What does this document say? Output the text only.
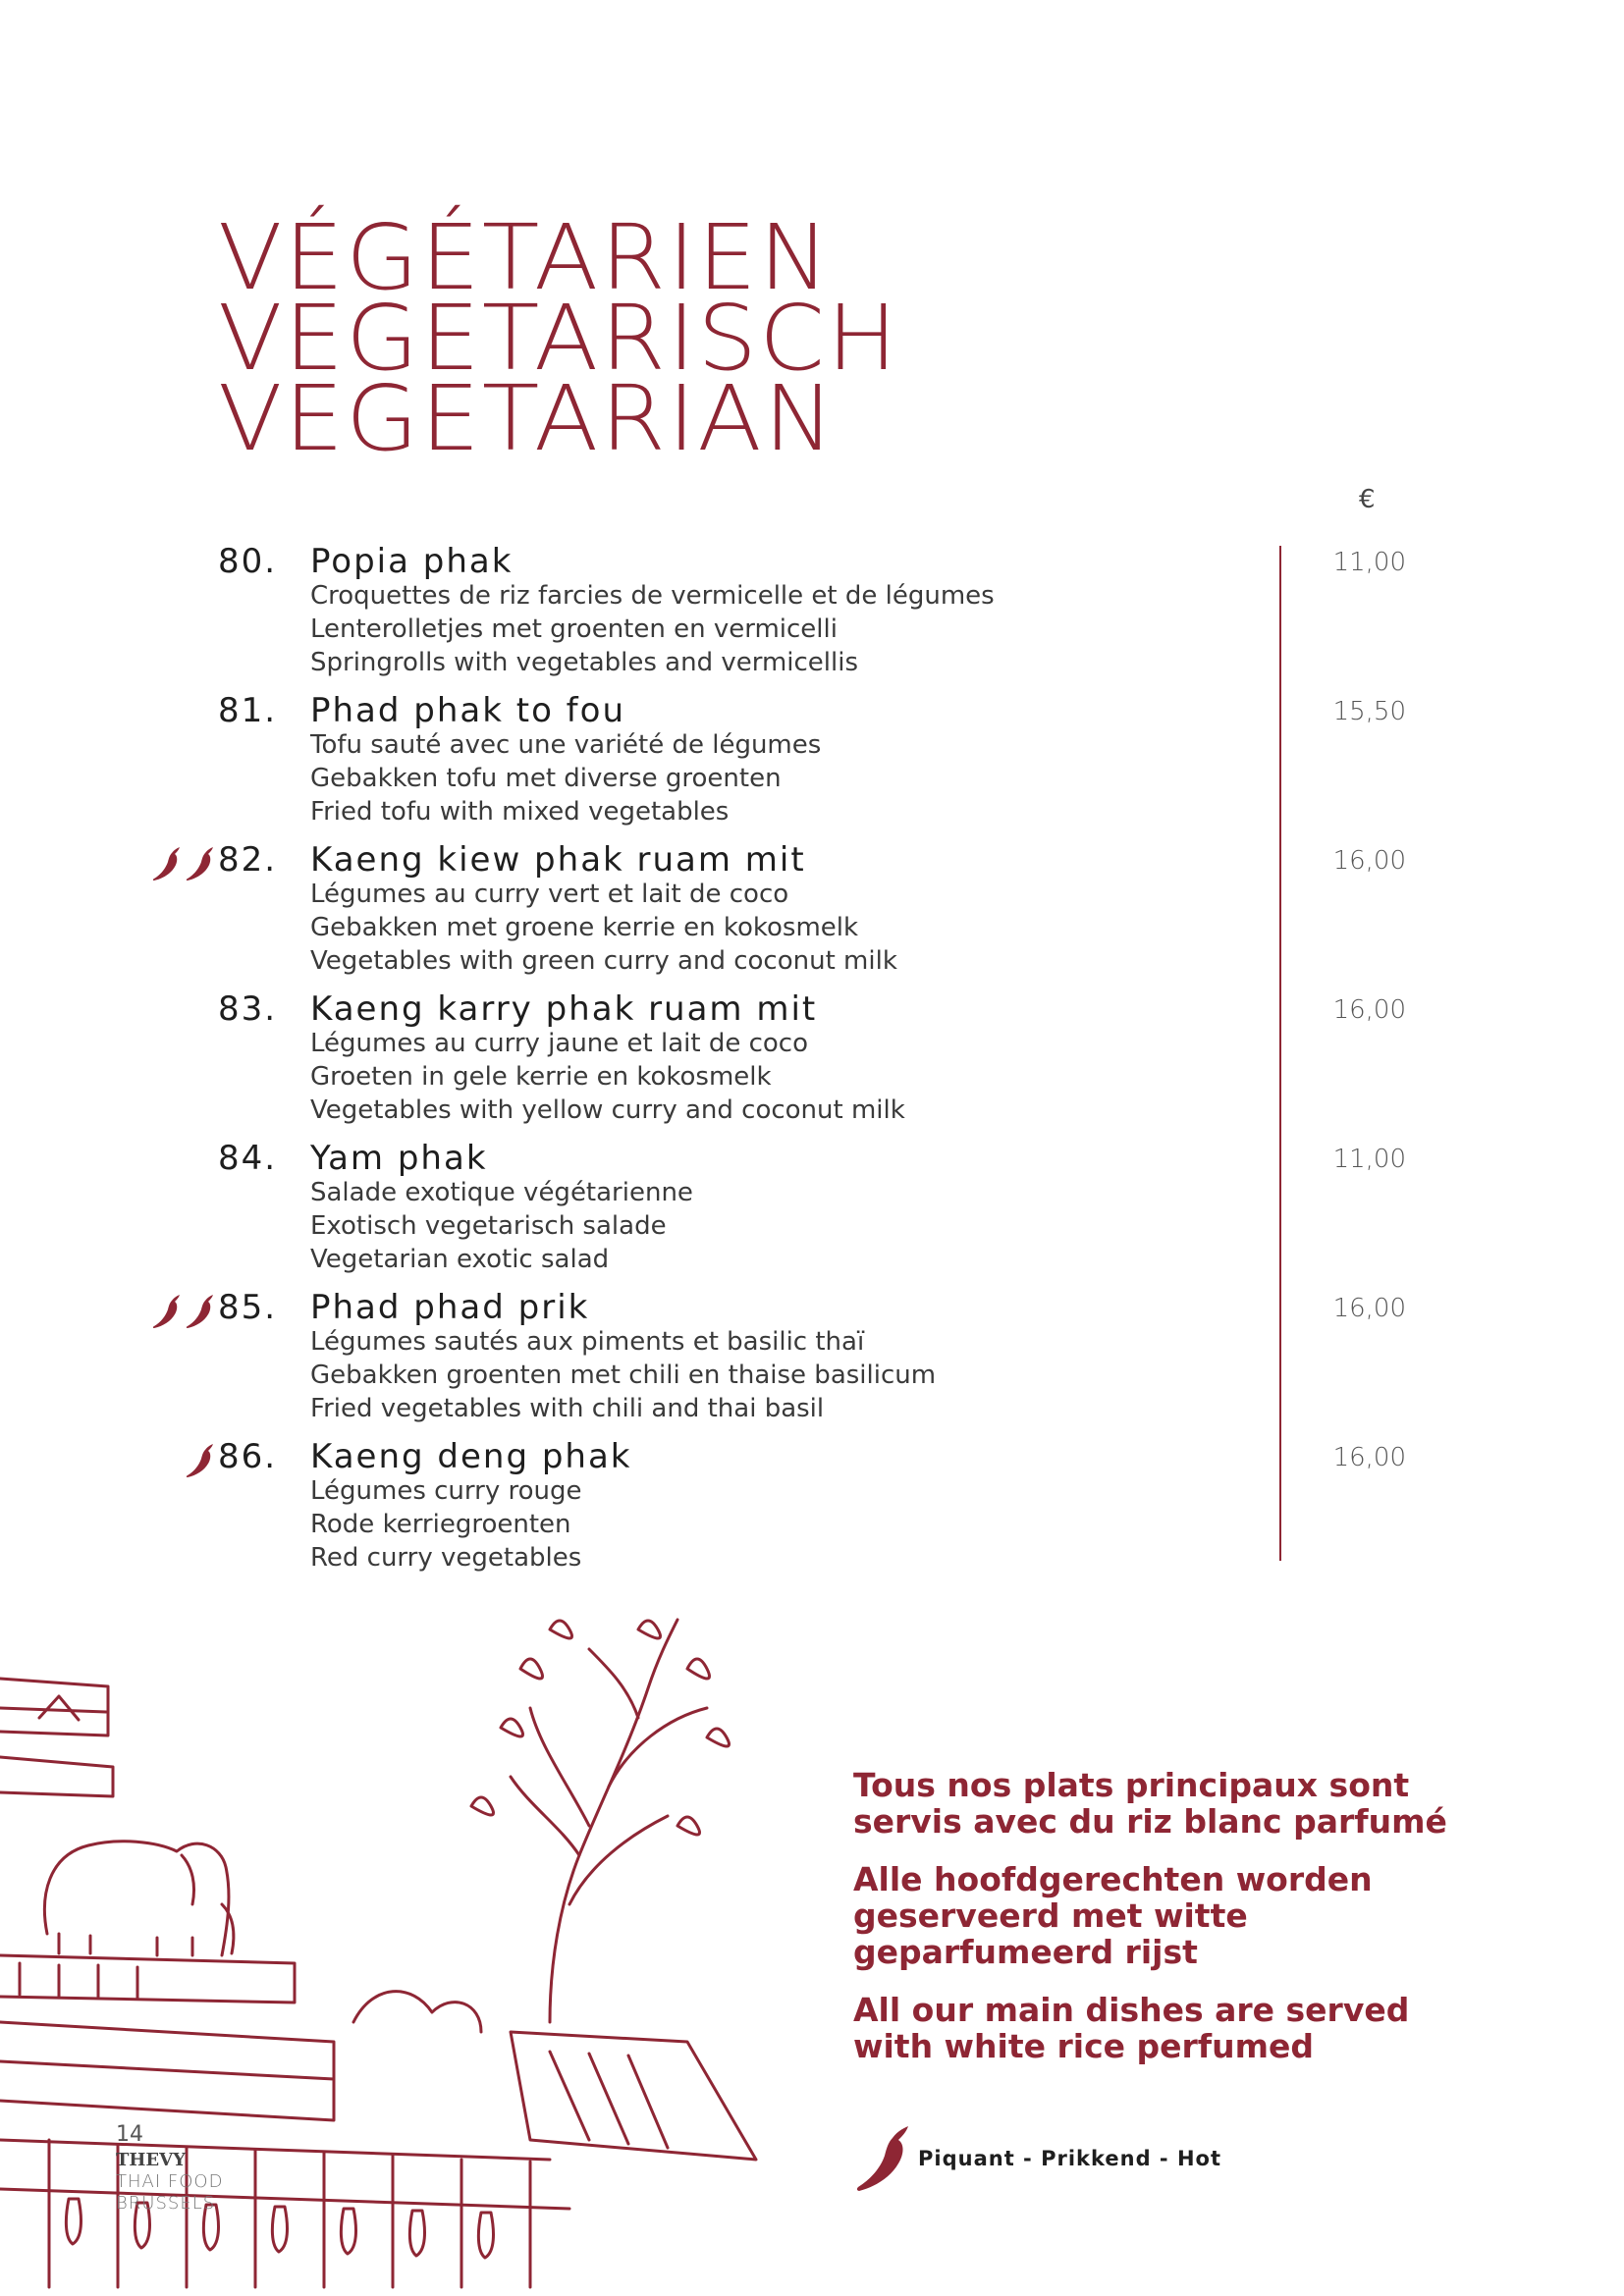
VÉGÉTARIEN
VEGETARISCH
VEGETARIAN
€
80. Popia phak
Croquettes de riz farcies de vermicelle et de légumes
Lenterolletjes met groenten en vermicelli
Springrolls with vegetables and vermicellis
11,00
81. Phad phak to fou
Tofu sauté avec une variété de légumes
Gebakken tofu met diverse groenten
Fried tofu with mixed vegetables
15,50
82. Kaeng kiew phak ruam mit
Légumes au curry vert et lait de coco
Gebakken met groene kerrie en kokosmelk
Vegetables with green curry and coconut milk
16,00
83. Kaeng karry phak ruam mit
Légumes au curry jaune et lait de coco
Groeten in gele kerrie en kokosmelk
Vegetables with yellow curry and coconut milk
16,00
84. Yam phak
Salade exotique végétarienne
Exotisch vegetarisch salade
Vegetarian exotic salad
11,00
85. Phad phad prik
Légumes sautés aux piments et basilic thaï
Gebakken groenten met chili en thaise basilicum
Fried vegetables with chili and thai basil
16,00
86. Kaeng deng phak
Légumes curry rouge
Rode kerriegroenten
Red curry vegetables
16,00
14
THEVY
THAI FOOD
BRUSSELS

Tous nos plats principaux sont servis avec du riz blanc parfumé

Alle hoofdgerechten worden geserveerd met witte geparfumeerd rijst

All our main dishes are served with white rice perfumed

Piquant - Prikkend - Hot
